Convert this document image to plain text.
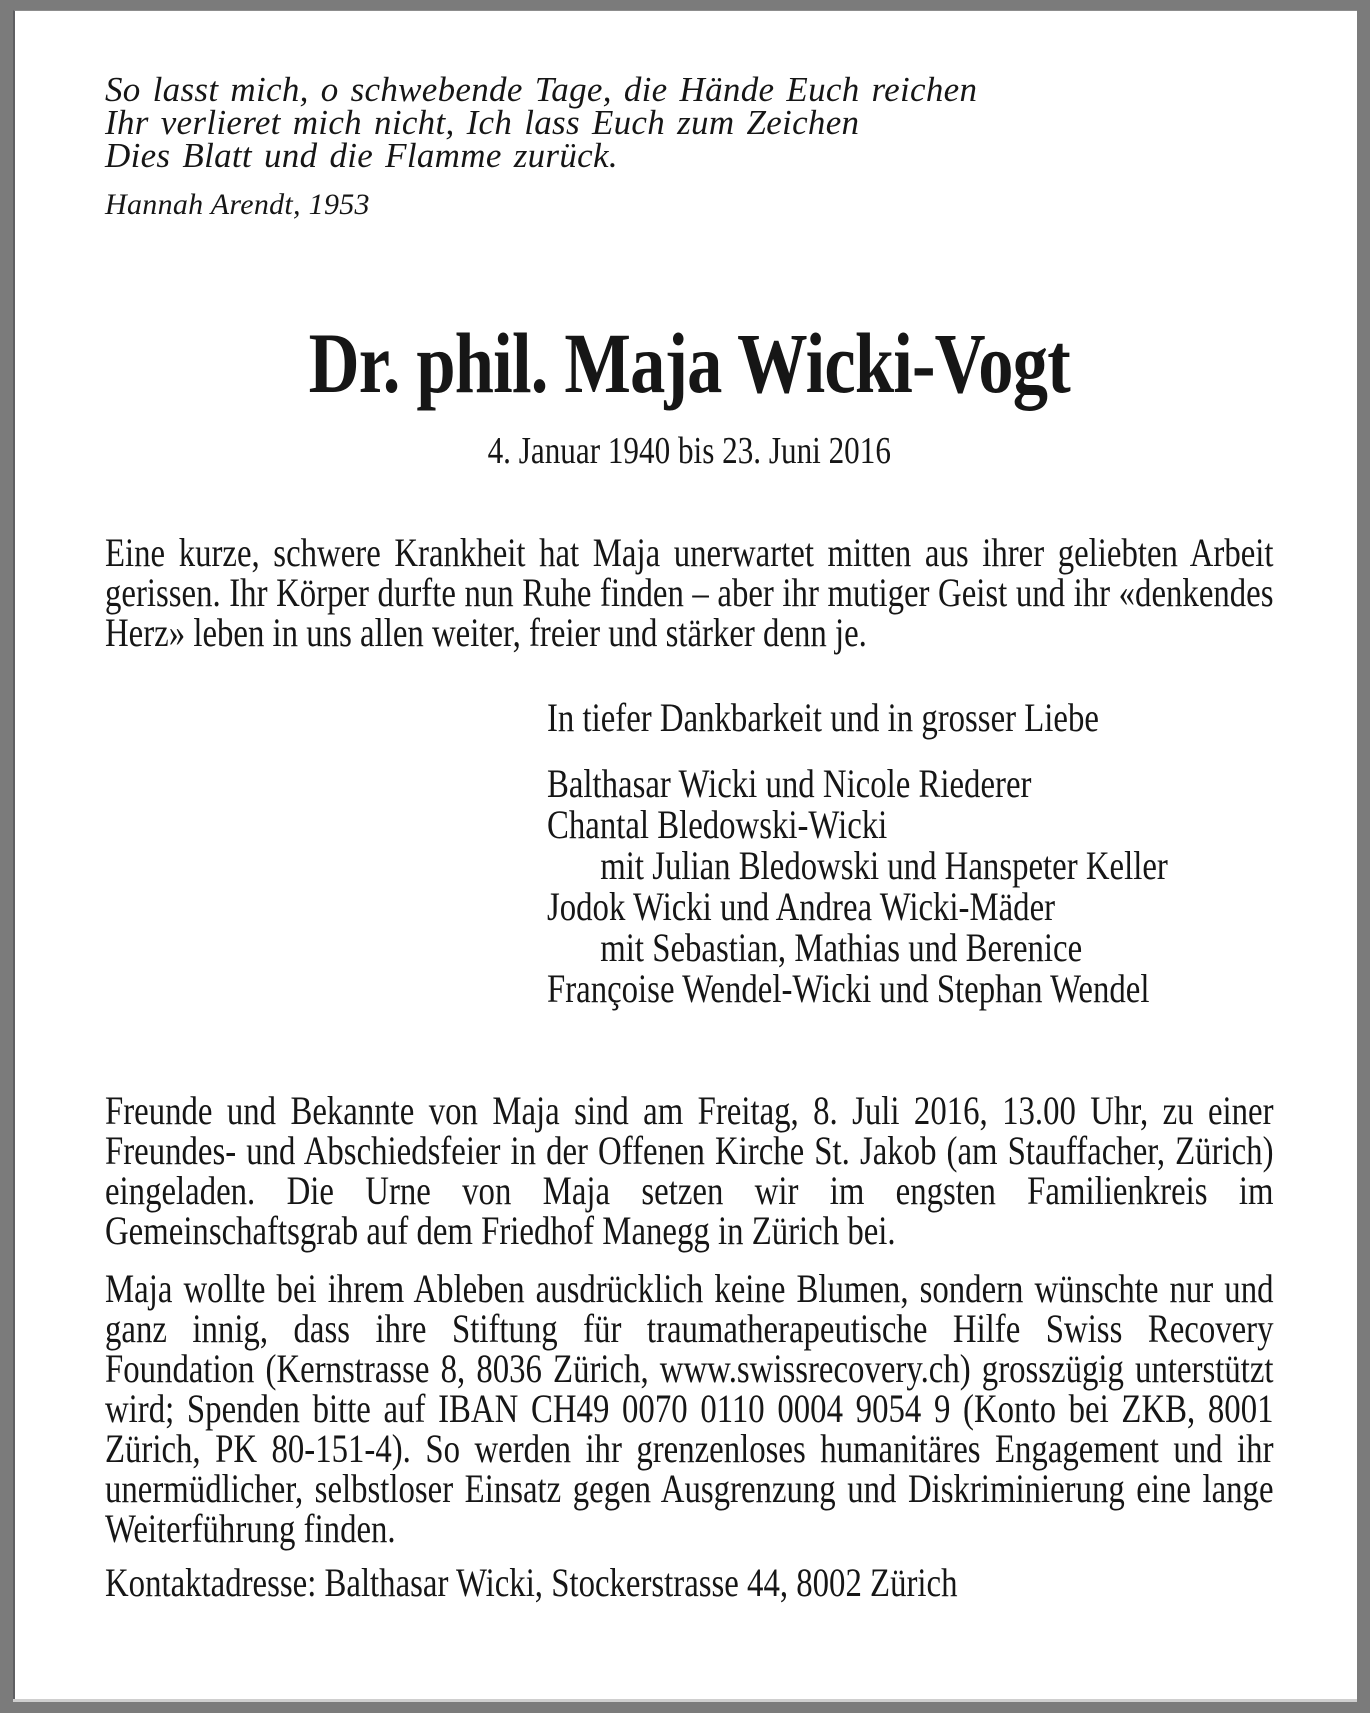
So lasst mich, o schwebende Tage, die Hände Euch reichen
Ihr verlieret mich nicht, Ich lass Euch zum Zeichen
Dies Blatt und die Flamme zurück.
Hannah Arendt, 1953
Dr. phil. Maja Wicki-Vogt
4. Januar 1940 bis 23. Juni 2016
Eine kurze, schwere Krankheit hat Maja unerwartet mitten aus ihrer geliebten Arbeit gerissen. Ihr Körper durfte nun Ruhe finden – aber ihr mutiger Geist und ihr «denkendes Herz» leben in uns allen weiter, freier und stärker denn je.
In tiefer Dankbarkeit und in grosser Liebe
Balthasar Wicki und Nicole Riederer
Chantal Bledowski-Wicki
mit Julian Bledowski und Hanspeter Keller
Jodok Wicki und Andrea Wicki-Mäder
mit Sebastian, Mathias und Berenice
Françoise Wendel-Wicki und Stephan Wendel
Freunde und Bekannte von Maja sind am Freitag, 8. Juli 2016, 13.00 Uhr, zu einer Freundes- und Abschiedsfeier in der Offenen Kirche St. Jakob (am Stauffacher, Zürich) eingeladen. Die Urne von Maja setzen wir im engsten Familienkreis im Gemeinschaftsgrab auf dem Friedhof Manegg in Zürich bei.
Maja wollte bei ihrem Ableben ausdrücklich keine Blumen, sondern wünschte nur und ganz innig, dass ihre Stiftung für traumatherapeutische Hilfe Swiss Recovery Foundation (Kernstrasse 8, 8036 Zürich, www.swissrecovery.ch) grosszügig unterstützt wird; Spenden bitte auf IBAN CH49 0070 0110 0004 9054 9 (Konto bei ZKB, 8001 Zürich, PK 80-151-4). So werden ihr grenzenloses humanitäres Engagement und ihr unermüdlicher, selbstloser Einsatz gegen Ausgrenzung und Diskriminierung eine lange Weiterführung finden.
Kontaktadresse: Balthasar Wicki, Stockerstrasse 44, 8002 Zürich
